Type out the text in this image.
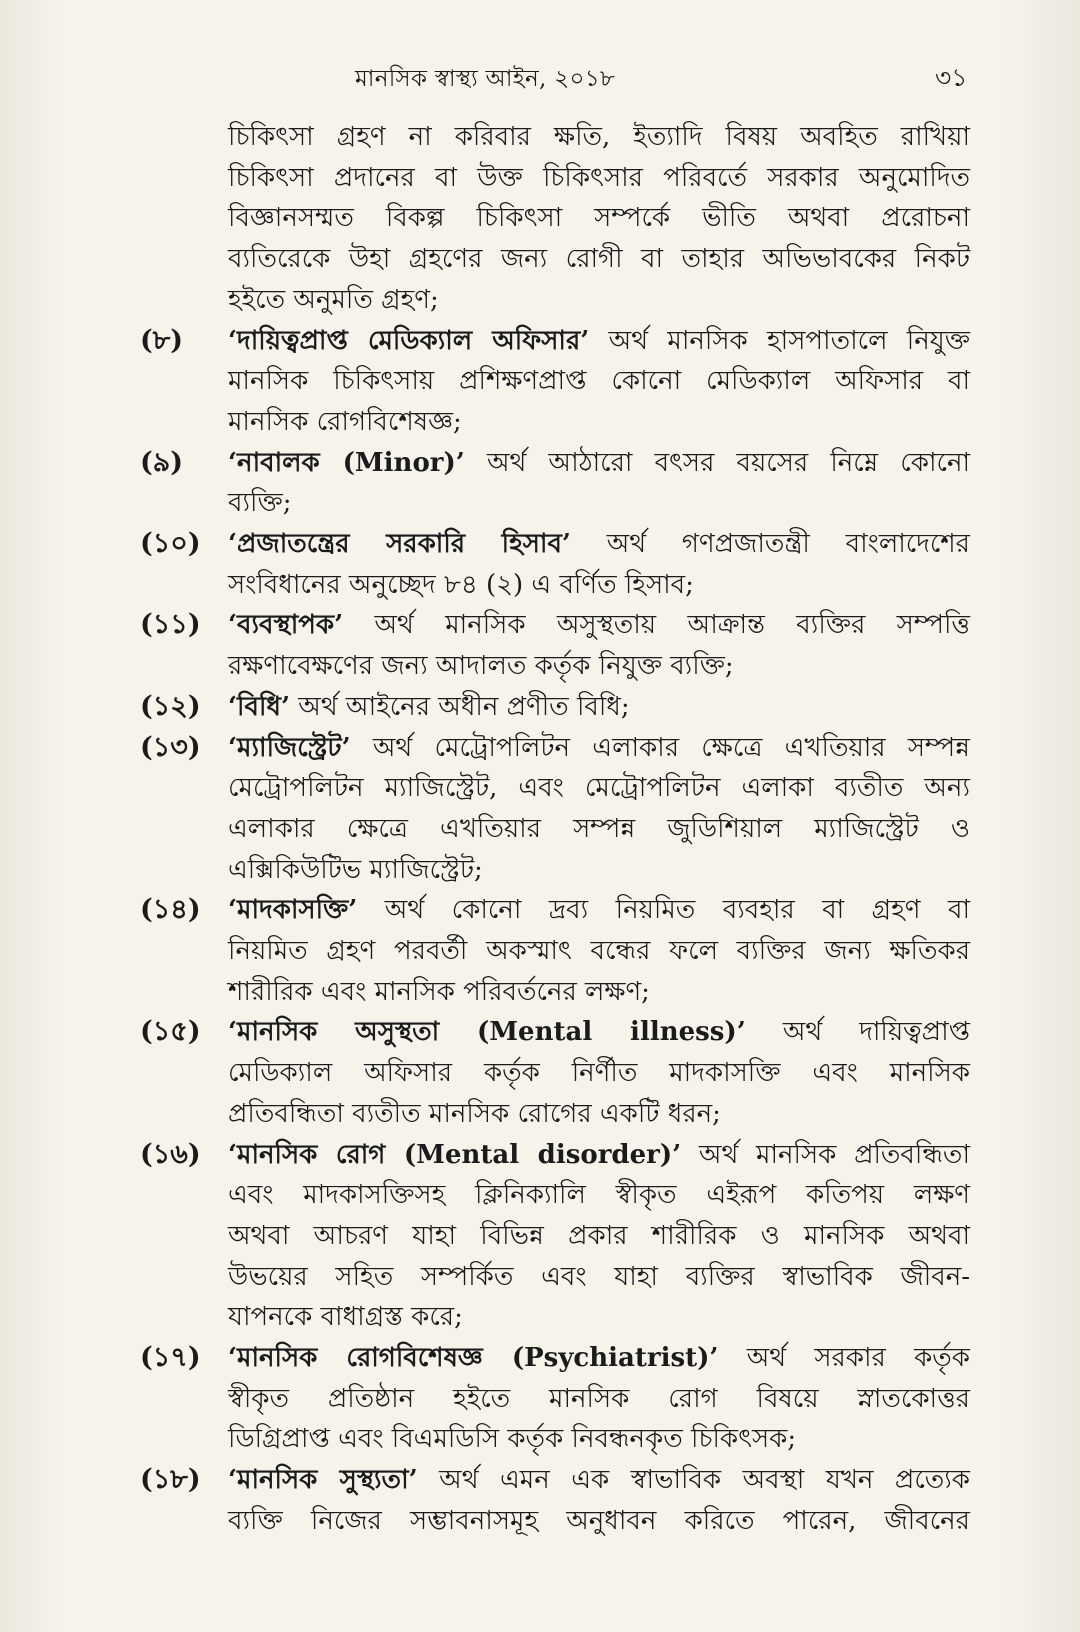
মানসিক স্বাস্থ্য আইন, ২০১৮	৩১
চিকিৎসা গ্রহণ না করিবার ক্ষতি, ইত্যাদি বিষয় অবহিত রাখিয়া
চিকিৎসা প্রদানের বা উক্ত চিকিৎসার পরিবর্তে সরকার অনুমোদিত
বিজ্ঞানসম্মত বিকল্প চিকিৎসা সম্পর্কে ভীতি অথবা প্ররোচনা
ব্যতিরেকে উহা গ্রহণের জন্য রোগী বা তাহার অভিভাবকের নিকট
হইতে অনুমতি গ্রহণ;
(৮)	‘দায়িত্বপ্রাপ্ত মেডিক্যাল অফিসার’ অর্থ মানসিক হাসপাতালে নিযুক্ত
মানসিক চিকিৎসায় প্রশিক্ষণপ্রাপ্ত কোনো মেডিক্যাল অফিসার বা
মানসিক রোগবিশেষজ্ঞ;
(৯)	‘নাবালক (Minor)’ অর্থ আঠারো বৎসর বয়সের নিম্নে কোনো
ব্যক্তি;
(১০)	‘প্রজাতন্ত্রের সরকারি হিসাব’ অর্থ গণপ্রজাতন্ত্রী বাংলাদেশের
সংবিধানের অনুচ্ছেদ ৮৪ (২) এ বর্ণিত হিসাব;
(১১)	‘ব্যবস্থাপক’ অর্থ মানসিক অসুস্থতায় আক্রান্ত ব্যক্তির সম্পত্তি
রক্ষণাবেক্ষণের জন্য আদালত কর্তৃক নিযুক্ত ব্যক্তি;
(১২)	‘বিধি’ অর্থ আইনের অধীন প্রণীত বিধি;
(১৩)	‘ম্যাজিস্ট্রেট’ অর্থ মেট্রোপলিটন এলাকার ক্ষেত্রে এখতিয়ার সম্পন্ন
মেট্রোপলিটন ম্যাজিস্ট্রেট, এবং মেট্রোপলিটন এলাকা ব্যতীত অন্য
এলাকার ক্ষেত্রে এখতিয়ার সম্পন্ন জুডিশিয়াল ম্যাজিস্ট্রেট ও
এক্সিকিউটিভ ম্যাজিস্ট্রেট;
(১৪)	‘মাদকাসক্তি’ অর্থ কোনো দ্রব্য নিয়মিত ব্যবহার বা গ্রহণ বা
নিয়মিত গ্রহণ পরবর্তী অকস্মাৎ বন্ধের ফলে ব্যক্তির জন্য ক্ষতিকর
শারীরিক এবং মানসিক পরিবর্তনের লক্ষণ;
(১৫)	‘মানসিক অসুস্থতা (Mental illness)’ অর্থ দায়িত্বপ্রাপ্ত
মেডিক্যাল অফিসার কর্তৃক নির্ণীত মাদকাসক্তি এবং মানসিক
প্রতিবন্ধিতা ব্যতীত মানসিক রোগের একটি ধরন;
(১৬)	‘মানসিক রোগ (Mental disorder)’ অর্থ মানসিক প্রতিবন্ধিতা
এবং মাদকাসক্তিসহ ক্লিনিক্যালি স্বীকৃত এইরূপ কতিপয় লক্ষণ
অথবা আচরণ যাহা বিভিন্ন প্রকার শারীরিক ও মানসিক অথবা
উভয়ের সহিত সম্পর্কিত এবং যাহা ব্যক্তির স্বাভাবিক জীবন-
যাপনকে বাধাগ্রস্ত করে;
(১৭)	‘মানসিক রোগবিশেষজ্ঞ (Psychiatrist)’ অর্থ সরকার কর্তৃক
স্বীকৃত প্রতিষ্ঠান হইতে মানসিক রোগ বিষয়ে স্নাতকোত্তর
ডিগ্রিপ্রাপ্ত এবং বিএমডিসি কর্তৃক নিবন্ধনকৃত চিকিৎসক;
(১৮)	‘মানসিক সুস্থ্যতা’ অর্থ এমন এক স্বাভাবিক অবস্থা যখন প্রত্যেক
ব্যক্তি নিজের সম্ভাবনাসমূহ অনুধাবন করিতে পারেন, জীবনের
